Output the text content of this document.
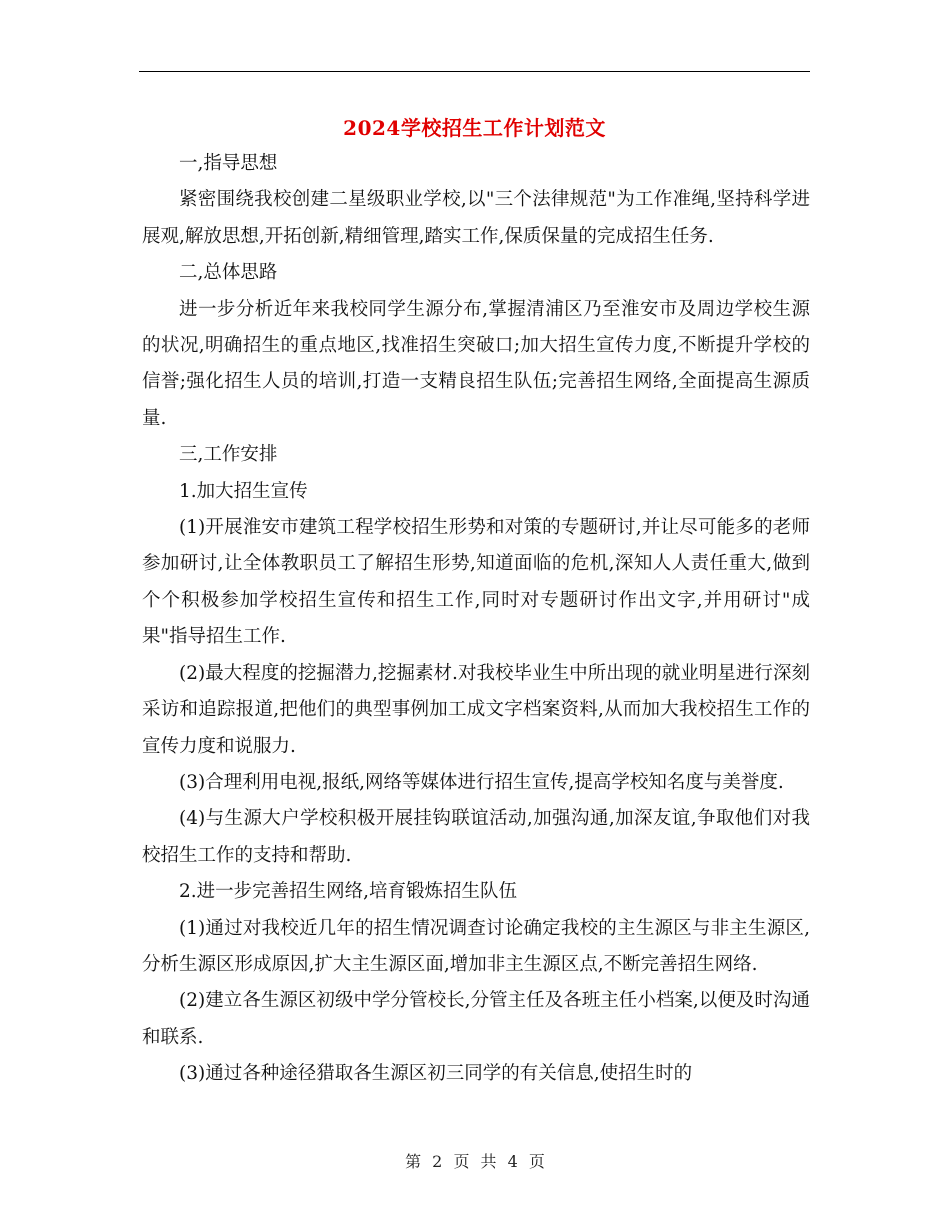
2024学校招生工作计划范文

一,指导思想

紧密围绕我校创建二星级职业学校,以"三个法律规范"为工作准绳,坚持科学进展观,解放思想,开拓创新,精细管理,踏实工作,保质保量的完成招生任务.

二,总体思路

进一步分析近年来我校同学生源分布,掌握清浦区乃至淮安市及周边学校生源的状况,明确招生的重点地区,找准招生突破口;加大招生宣传力度,不断提升学校的信誉;强化招生人员的培训,打造一支精良招生队伍;完善招生网络,全面提高生源质量.

三,工作安排

1.加大招生宣传

(1)开展淮安市建筑工程学校招生形势和对策的专题研讨,并让尽可能多的老师参加研讨,让全体教职员工了解招生形势,知道面临的危机,深知人人责任重大,做到个个积极参加学校招生宣传和招生工作,同时对专题研讨作出文字,并用研讨"成果"指导招生工作.

(2)最大程度的挖掘潜力,挖掘素材.对我校毕业生中所出现的就业明星进行深刻采访和追踪报道,把他们的典型事例加工成文字档案资料,从而加大我校招生工作的宣传力度和说服力.

(3)合理利用电视,报纸,网络等媒体进行招生宣传,提高学校知名度与美誉度.

(4)与生源大户学校积极开展挂钩联谊活动,加强沟通,加深友谊,争取他们对我校招生工作的支持和帮助.

2.进一步完善招生网络,培育锻炼招生队伍

(1)通过对我校近几年的招生情况调查讨论确定我校的主生源区与非主生源区,分析生源区形成原因,扩大主生源区面,增加非主生源区点,不断完善招生网络.

(2)建立各生源区初级中学分管校长,分管主任及各班主任小档案,以便及时沟通和联系.

(3)通过各种途径猎取各生源区初三同学的有关信息,使招生时的

第 2 页 共 4 页
